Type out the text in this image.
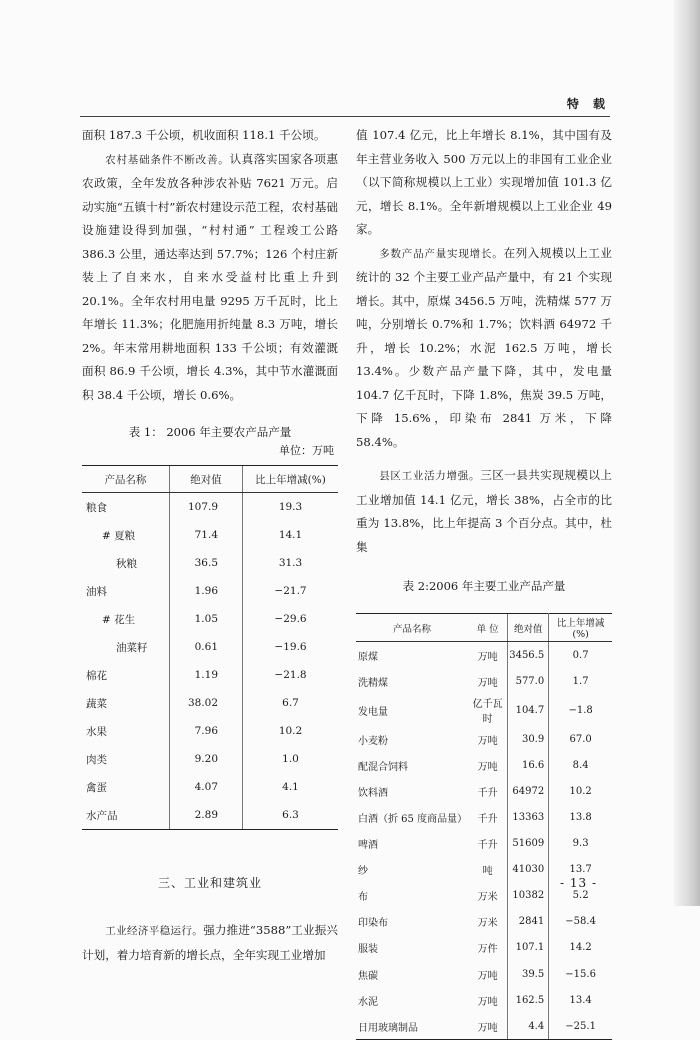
特 载

面积 187.3 千公顷，机收面积 118.1 千公顷。

农村基础条件不断改善。认真落实国家各项惠农政策，全年发放各种涉农补贴 7621 万元。启动实施“五镇十村”新农村建设示范工程，农村基础设施建设得到加强，“村村通” 工程竣工公路 386.3 公里，通达率达到 57.7%；126 个村庄新装上了自来水，自来水受益村比重上升到 20.1%。全年农村用电量 9295 万千瓦时，比上年增长 11.3%；化肥施用折纯量 8.3 万吨，增长 2%。年末常用耕地面积 133 千公顷；有效灌溉面积 86.9 千公顷，增长 4.3%，其中节水灌溉面积 38.4 千公顷，增长 0.6%。

表 1： 2006 年主要农产品产量
单位：万吨
产品名称	绝对值	比上年增减(%)
粮食	107.9	19.3
# 夏粮	71.4	14.1
秋粮	36.5	31.3
油料	1.96	−21.7
# 花生	1.05	−29.6
油菜籽	0.61	−19.6
棉花	1.19	−21.8
蔬菜	38.02	6.7
水果	7.96	10.2
肉类	9.20	1.0
禽蛋	4.07	4.1
水产品	2.89	6.3
三、工业和建筑业

工业经济平稳运行。强力推进“3588”工业振兴计划，着力培育新的增长点，全年实现工业增加

值 107.4 亿元，比上年增长 8.1%，其中国有及年主营业务收入 500 万元以上的非国有工业企业（以下简称规模以上工业）实现增加值 101.3 亿元，增长 8.1%。全年新增规模以上工业企业 49 家。

多数产品产量实现增长。在列入规模以上工业统计的 32 个主要工业产品产量中，有 21 个实现增长。其中，原煤 3456.5 万吨，洗精煤 577 万吨，分别增长 0.7%和 1.7%；饮料酒 64972 千升，增长 10.2%；水泥 162.5 万吨，增长 13.4%。少数产品产量下降，其中，发电量 104.7 亿千瓦时，下降 1.8%，焦炭 39.5 万吨，下降 15.6%，印染布 2841 万米，下降 58.4%。

县区工业活力增强。三区一县共实现规模以上工业增加值 14.1 亿元，增长 38%，占全市的比重为 13.8%，比上年提高 3 个百分点。其中，杜集

表 2:2006 年主要工业产品产量
产品名称	单 位	绝对值	比上年增减(%)
原煤	万吨	3456.5	0.7
洗精煤	万吨	577.0	1.7
发电量	亿千瓦时	104.7	−1.8
小麦粉	万吨	30.9	67.0
配混合饲料	万吨	16.6	8.4
饮料酒	千升	64972	10.2
白酒（折 65 度商品量）	千升	13363	13.8
啤酒	千升	51609	9.3
纱	吨	41030	13.7
布	万米	10382	5.2
印染布	万米	2841	−58.4
服装	万件	107.1	14.2
焦碳	万吨	39.5	−15.6
水泥	万吨	162.5	13.4
日用玻璃制品	万吨	4.4	−25.1
- 13 -
